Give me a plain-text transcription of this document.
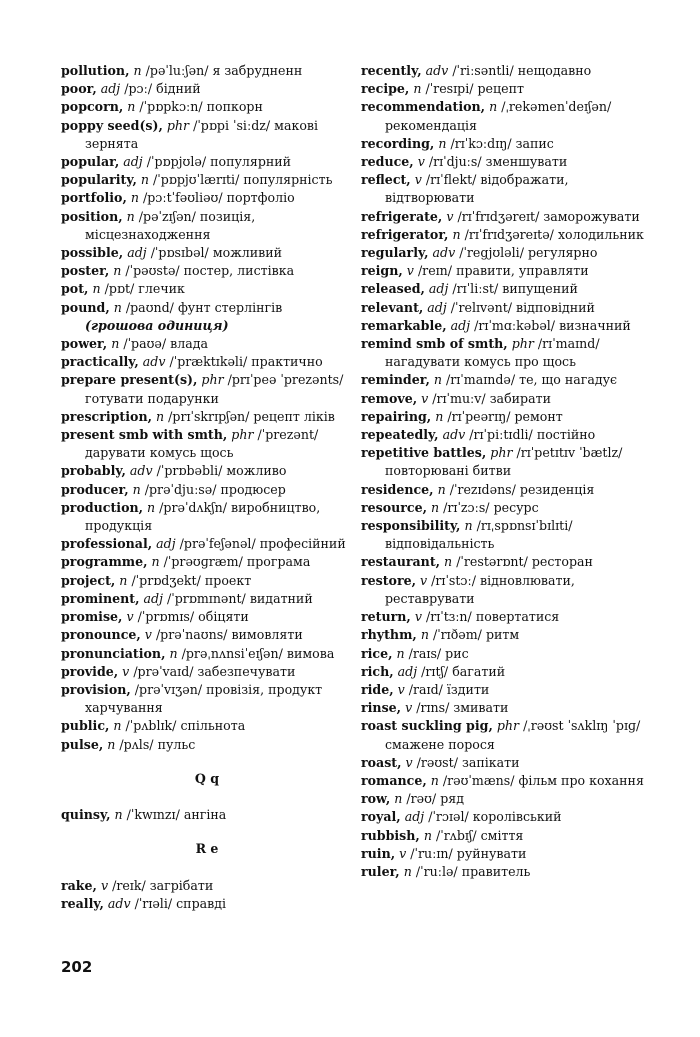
pollution, n /pəˈluːʃən/ я забрудненн

poor, adj /pɔː/ бідний

popcorn, n /ˈpɒpkɔːn/ попкорн

poppy seed(s), phr /ˈpɒpi ˈsiːdz/ макові зернята

popular, adj /ˈpɒpjʊlə/ популярний

popularity, n /ˈpɒpjʊˈlærɪti/ популярність

portfolio, n /pɔːtˈfəʊliəʊ/ портфоліо

position, n /pəˈzɪʃən/ позиція, місцезнаходження

possible, adj /ˈpɒsɪbəl/ можливий

poster, n /ˈpəʊstə/ постер, листівка

pot, n /pɒt/ глечик

pound, n /paʊnd/ фунт стерлінгів (грошова одиниця)

power, n /ˈpaʊə/ влада

practically, adv /ˈpræktɪkəli/ практично

prepare present(s), phr /prɪˈpeə ˈprezənts/ готувати подарунки

prescription, n /prɪˈskrɪpʃən/ рецепт ліків

present smb with smth, phr /ˈprezənt/ дарувати комусь щось

probably, adv /ˈprɒbəbli/ можливо

producer, n /prəˈdjuːsə/ продюсер

production, n /prəˈdʌkʃn/ виробництво, продукція

professional, adj /prəˈfeʃənəl/ професійний

programme, n /ˈprəʊɡræm/ програма

project, n /ˈprɒdʒekt/ проект

prominent, adj /ˈprɒmɪnənt/ видатний

promise, v /ˈprɒmɪs/ обіцяти

pronounce, v /prəˈnaʊns/ вимовляти

pronunciation, n /prəˌnʌnsiˈeɪʃən/ вимова

provide, v /prəˈvaɪd/ забезпечувати

provision, /prəˈvɪʒən/ провізія, продукт харчування

public, n /ˈpʌblɪk/ спільнота

pulse, n /pʌls/ пульс

Q q

quinsy, n /ˈkwɪnzɪ/ ангіна

R e

rake, v /reɪk/ загрібати

really, adv /ˈrɪəli/ справді

recently, adv /ˈriːsəntli/ нещодавно

recipe, n /ˈresɪpi/ рецепт

recommendation, n /ˌrekəmenˈdeɪʃən/ рекомендація

recording, n /rɪˈkɔːdɪŋ/ запис

reduce, v /rɪˈdjuːs/ зменшувати

reflect, v /rɪˈflekt/ відображати, відтворювати

refrigerate, v /rɪˈfrɪdʒəreɪt/ заморожувати

refrigerator, n /rɪˈfrɪdʒəreɪtə/ холодильник

regularly, adv /ˈregjʊləli/ регулярно

reign, v /reɪn/ правити, управляти

released, adj /rɪˈliːst/ випущений

relevant, adj /ˈrelɪvənt/ відповідний

remarkable, adj /rɪˈmɑːkəbəl/ визначний

remind smb of smth, phr /rɪˈmaɪnd/ нагадувати комусь про щось

reminder, n /rɪˈmaɪndə/ те, що нагадує

remove, v /rɪˈmuːv/ забирати

repairing, n /rɪˈpeərɪŋ/ ремонт

repeatedly, adv /rɪˈpiːtɪdli/ постійно

repetitive battles, phr /rɪˈpetɪtɪv ˈbætlz/ повторювані битви

residence, n /ˈrezɪdəns/ резиденція

resource, n /rɪˈzɔːs/ ресурс

responsibility, n /rɪˌspɒnsɪˈbɪlɪti/ відповідальність

restaurant, n /ˈrestərɒnt/ ресторан

restore, v /rɪˈstɔː/ відновлювати, реставрувати

return, v /rɪˈtɜːn/ повертатися

rhythm, n /ˈrɪðəm/ ритм

rice, n /raɪs/ рис

rich, adj /rɪtʃ/ багатий

ride, v /raɪd/ їздити

rinse, v /rɪns/ змивати

roast suckling pig, phr /ˌrəʊst ˈsʌklɪŋ ˈpɪɡ/ смажене порося

roast, v /rəʊst/ запікати

romance, n /rəʊˈmæns/ фільм про кохання

row, n /rəʊ/ ряд

royal, adj /ˈrɔɪəl/ королівський

rubbish, n /ˈrʌbɪʃ/ сміття

ruin, v /ˈruːɪn/ руйнувати

ruler, n /ˈruːlə/ правитель

202
